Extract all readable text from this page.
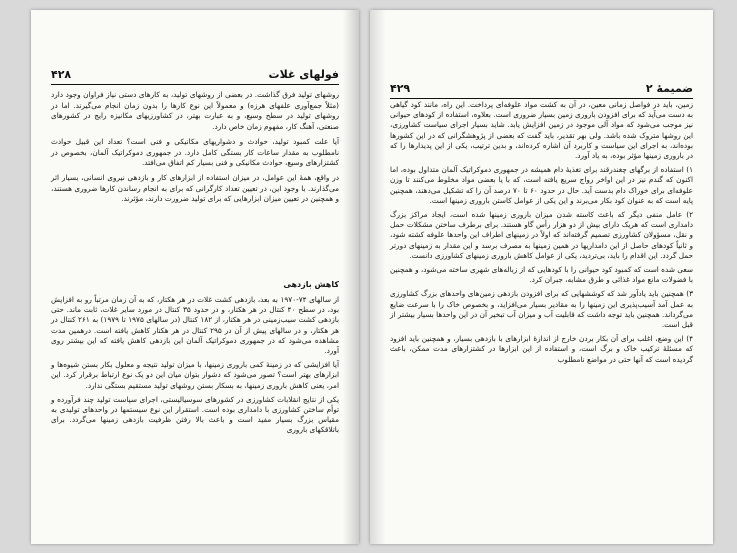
فولهای غلات
۴۲۸

روشهای تولید فرق گذاشت. در بعضی از روشهای تولید، به کارهای دستی نیاز فراوان وجود دارد (مثلاً جمع‌آوری علفهای هرزه) و معمولاً این نوع کارها را بدون زمان انجام می‌گیرند. اما در روشهای تولید در سطح وسیع، و به عبارت بهتر، در کشاورزیهای مکانیزه رایج در کشورهای صنعتی، آهنگ کار، مفهوم زمان خاص دارد.

آیا علت کمبود تولید، حوادث و دشواریهای مکانیکی و فنی است؟ تعداد این قبیل حوادث نامطلوب به مقدار ساعات کار بستگی کامل دارد. در جمهوری دموکراتیک آلمان، بخصوص در کشتزارهای وسیع، حوادث مکانیکی و فنی بسیار کم اتفاق می‌افتد.

در واقع، همهٔ این عوامل، در میزان استفاده از ابزارهای کار و بازدهی نیروی انسانی، بسیار اثر می‌گذارند. با وجود این، در تعیین تعداد کارگرانی که برای به انجام رساندن کارها ضروری هستند، و همچنین در تعیین میزان ابزارهایی که برای تولید ضرورت دارند، مؤثرند.

کاهش بازدهی

از سالهای ۷۴-۱۹۷۰ به بعد، بازدهی کشت غلات در هر هکتار، که به آن زمان مرتباً رو به افزایش بود، در سطح ۴۰ کنتال در هر هکتار، و در حدود ۳۵ کنتال در مورد سایر غلات، ثابت ماند. حتی بازدهی کشت سیب‌زمینی در هر هکتار، از ۱۸۲ کنتال (در سالهای ۱۹۷۵ تا ۱۹۷۹) به ۲۶۱ کنتال در هر هکتار، و در سالهای پیش از آن در ۲۹۵ کنتال در هر هکتار کاهش یافته است. درهمین مدت مشاهده می‌شود که در جمهوری دموکراتیک آلمان این بازدهی کاهش یافته که این بیشتر روی آورد.

آیا افزایشی که در زمینهٔ کمی باروری زمینها، با میزان تولید نتیجه و معلول بکار بستن شیوه‌ها و ابزارهای بهتر است؟ تصور می‌شود که دشوار بتوان میان این دو یک نوع ارتباط برقرار کرد. این امر، یعنی کاهش باروری زمینها، به بسکار بستن روشهای تولید مستقیم بستگی ندارد.

یکی از نتایج انقلابات کشاورزی در کشورهای سوسیالیستی، اجرای سیاست تولید چند فرآورده و توأم ساختن کشاورزی با دامداری بوده است. استقرار این نوع سیستمها در واحدهای تولیدی به مقیاس بزرگ بسیار مفید است و باعث بالا رفتن ظرفیت بازدهی زمینها می‌گردد. برای باتلاقکهای باروری

ضمیمهٔ ۲
۴۲۹

زمین، باید در فواصل زمانی معین، در آن به کشت مواد علوفه‌ای پرداخت. این راه، مانند کود گیاهی به دست می‌آید که برای افزودن باروری زمین بسیار ضروری است. بعلاوه، استفاده از کودهای حیوانی نیز موجب می‌شود که مواد آلی موجود در زمین افزایش یابد. شاید بسیار اجرای سیاست کشاورزی، این روشها متروک شده باشد. ولی بهر تقدیر، باید گفت که بعضی از پژوهشگرانی که در این کشورها بوده‌اند، به اجرای این سیاست و کاربرد آن اشاره کرده‌اند، و بدین ترتیب، یکی از این پدیدارها را که در باروری زمینها مؤثر بوده، به یاد آورد.

۱) استفاده از برگهای چغندرقند برای تغذیهٔ دام همیشه در جمهوری دموکراتیک آلمان متداول بوده، اما اکنون که گندم نیز در این اواخر رواج سریع یافته است، که با یا بعضی مواد مخلوط می‌کنند تا وزن علوفه‌ای برای خوراک دام بدست آید. حال در حدود ۶۰ تا ۷۰ درصد آن را که تشکیل می‌دهند، همچنین پایه است که به عنوان کود بکار می‌برند و این یکی از عوامل کاستن باروری زمینها است.

۲) عامل منفی دیگر که باعث کاسته شدن میزان باروری زمینها شده است، ایجاد مراکز بزرگ دامداری است که هریک دارای بیش از دو هزار رأس گاو هستند. برای برطرف ساختن مشکلات حمل و نقل، مسؤولان کشاورزی تصمیم گرفته‌اند که اولاً در زمینهای اطراف این واحدها علوفه کشته شود، و ثانیاً کودهای حاصل از این دامداریها در همین زمینها به مصرف برسد و این مقدار به زمینهای دورتر حمل گردد. این اقدام را باید، بی‌تردید، یکی از عوامل کاهش باروری زمینهای کشاورزی دانست.

سعی شده است که کمبود کود حیوانی را با کودهایی که از زباله‌های شهری ساخته می‌شود، و همچنین با فضولات مانع مواد غذائی و طرق مشابه، جبران کرد.

۳) همچنین باید یادآور شد که کوششهایی که برای افزودن بازدهی زمین‌های واحدهای بزرگ کشاورزی به عمل آمد آسیب‌پذیری این زمینها را به مقادیر بسیار می‌افزاید، و بخصوص خاک را با سرعت ضایع می‌گرداند. همچنین باید توجه داشت که قابلیت آب و میزان آب تبخیر آن در این واحدها بسیار بیشتر از قبل است.

۴) این وضع، اغلب برای آن بکار بردن خارج از اندازهٔ ابزارهای با بازدهی بسیار، و همچنین باید افزود که مسئلهٔ ترکیب خاک و برگ است، و استفاده از این ابزارها در کشتزارهای مدت ممکن، باعث گردیده است که آنها حتی در مواضع نامطلوب
